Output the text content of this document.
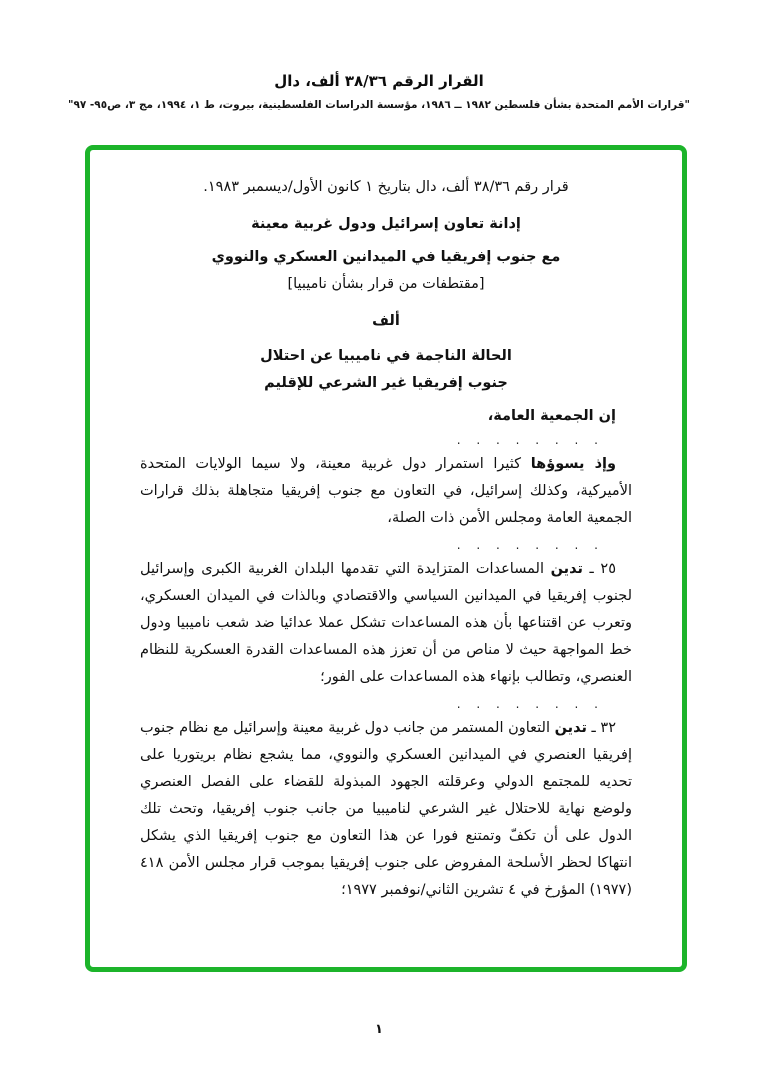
القرار الرقم ٣٨/٣٦ ألف، دال
"قرارات الأمم المتحدة بشأن فلسطين ١٩٨٢ ــ ١٩٨٦، مؤسسة الدراسات الفلسطينية، بيروت، ط ١، ١٩٩٤، مج ٣، ص٩٥- ٩٧"

قرار رقم ٣٨/٣٦ ألف، دال بتاريخ ١ كانون الأول/ديسمبر ١٩٨٣.

إدانة تعاون إسرائيل ودول غربية معينة

مع جنوب إفريقيا في الميدانين العسكري والنووي

[مقتطفات من قرار بشأن ناميبيا]

ألف

الحالة الناجمة في ناميبيا عن احتلال

جنوب إفريقيا غير الشرعي للإقليم

إن الجمعية العامة،

. . . . . . . .

وإذ يسوؤها كثيرا استمرار دول غربية معينة، ولا سيما الولايات المتحدة الأميركية، وكذلك إسرائيل، في التعاون مع جنوب إفريقيا متجاهلة بذلك قرارات الجمعية العامة ومجلس الأمن ذات الصلة،

. . . . . . . .

٢٥ ـ تدين المساعدات المتزايدة التي تقدمها البلدان الغربية الكبرى وإسرائيل لجنوب إفريقيا في الميدانين السياسي والاقتصادي وبالذات في الميدان العسكري، وتعرب عن اقتناعها بأن هذه المساعدات تشكل عملا عدائيا ضد شعب ناميبيا ودول خط المواجهة حيث لا مناص من أن تعزز هذه المساعدات القدرة العسكرية للنظام العنصري، وتطالب بإنهاء هذه المساعدات على الفور؛

. . . . . . . .

٣٢ ـ تدين التعاون المستمر من جانب دول غربية معينة وإسرائيل مع نظام جنوب إفريقيا العنصري في الميدانين العسكري والنووي، مما يشجع نظام بريتوريا على تحديه للمجتمع الدولي وعرقلته الجهود المبذولة للقضاء على الفصل العنصري ولوضع نهاية للاحتلال غير الشرعي لناميبيا من جانب جنوب إفريقيا، وتحث تلك الدول على أن تكفّ وتمتنع فورا عن هذا التعاون مع جنوب إفريقيا الذي يشكل انتهاكا لحظر الأسلحة المفروض على جنوب إفريقيا بموجب قرار مجلس الأمن ٤١٨ (١٩٧٧) المؤرخ في ٤ تشرين الثاني/نوفمبر ١٩٧٧؛

١
